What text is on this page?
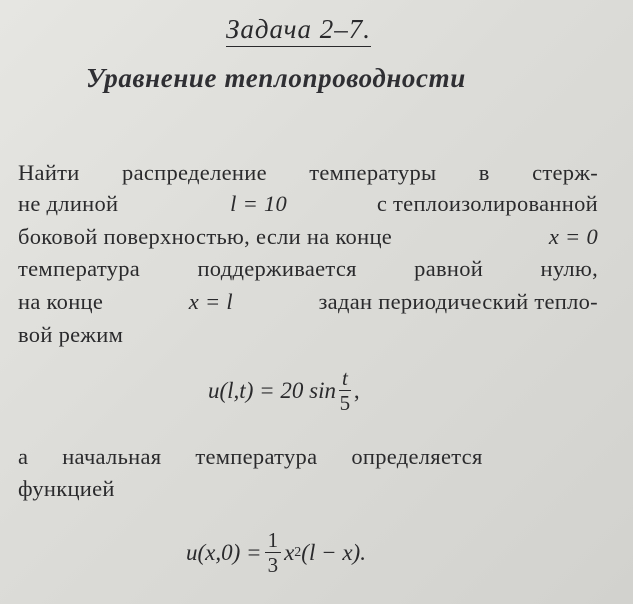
Задача 2–7.
Уравнение теплопроводности
Найти распределение температуры в стерж-
не длиной	l = 10	с теплоизолированной
боковой поверхностью, если на конце	x = 0
температура поддерживается равной нулю,
на конце	x = l	задан периодический тепло-
вой режим
u(l,t) = 20 $\sin \frac{t}{5}$ ,
а начальная температура определяется
функцией
$u(x,0) = \frac{1}{3}$ x 2 (l − x).
